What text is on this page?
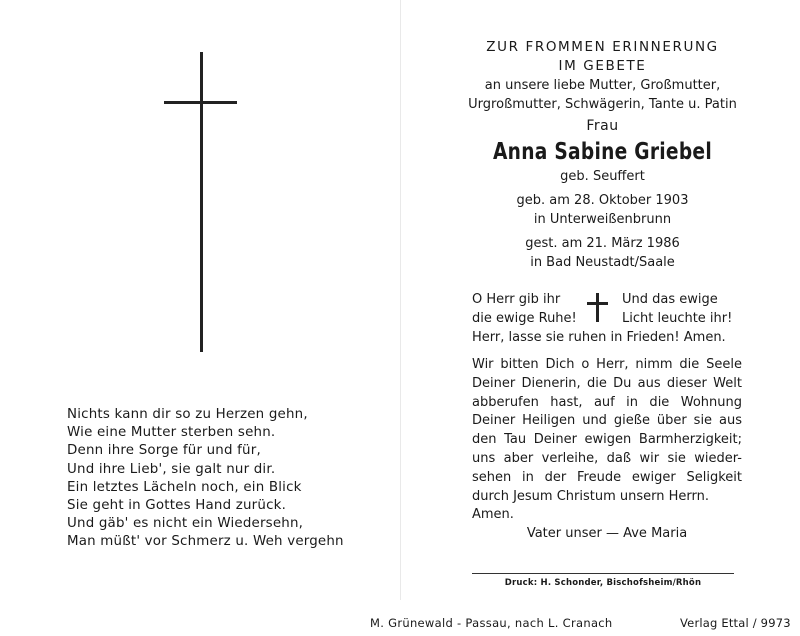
Nichts kann dir so zu Herzen gehn,
Wie eine Mutter sterben sehn.
Denn ihre Sorge für und für,
Und ihre Lieb', sie galt nur dir.
Ein letztes Lächeln noch, ein Blick
Sie geht in Gottes Hand zurück.
Und gäb' es nicht ein Wiedersehn,
Man müßt' vor Schmerz u. Weh vergehn
ZUR FROMMEN ERINNERUNG
IM GEBETE
an unsere liebe Mutter, Großmutter,
Urgroßmutter, Schwägerin, Tante u. Patin
Frau
Anna Sabine Griebel
geb. Seuffert
geb. am 28. Oktober 1903
in Unterweißenbrunn
gest. am 21. März 1986
in Bad Neustadt/Saale
O Herr gib ihr	Und das ewige
die ewige Ruhe!	Licht leuchte ihr!
Herr, lasse sie ruhen in Frieden! Amen.
Wir bitten Dich o Herr, nimm die Seele
Deiner Dienerin, die Du aus dieser Welt
abberufen hast, auf in die Wohnung
Deiner Heiligen und gieße über sie aus
den Tau Deiner ewigen Barmherzigkeit;
uns aber verleihe, daß wir sie wieder-
sehen in der Freude ewiger Seligkeit
durch Jesum Christum unsern Herrn.
Amen.
Vater unser — Ave Maria
Druck: H. Schonder, Bischofsheim/Rhön
M. Grünewald - Passau, nach L. Cranach	Verlag Ettal / 9973
